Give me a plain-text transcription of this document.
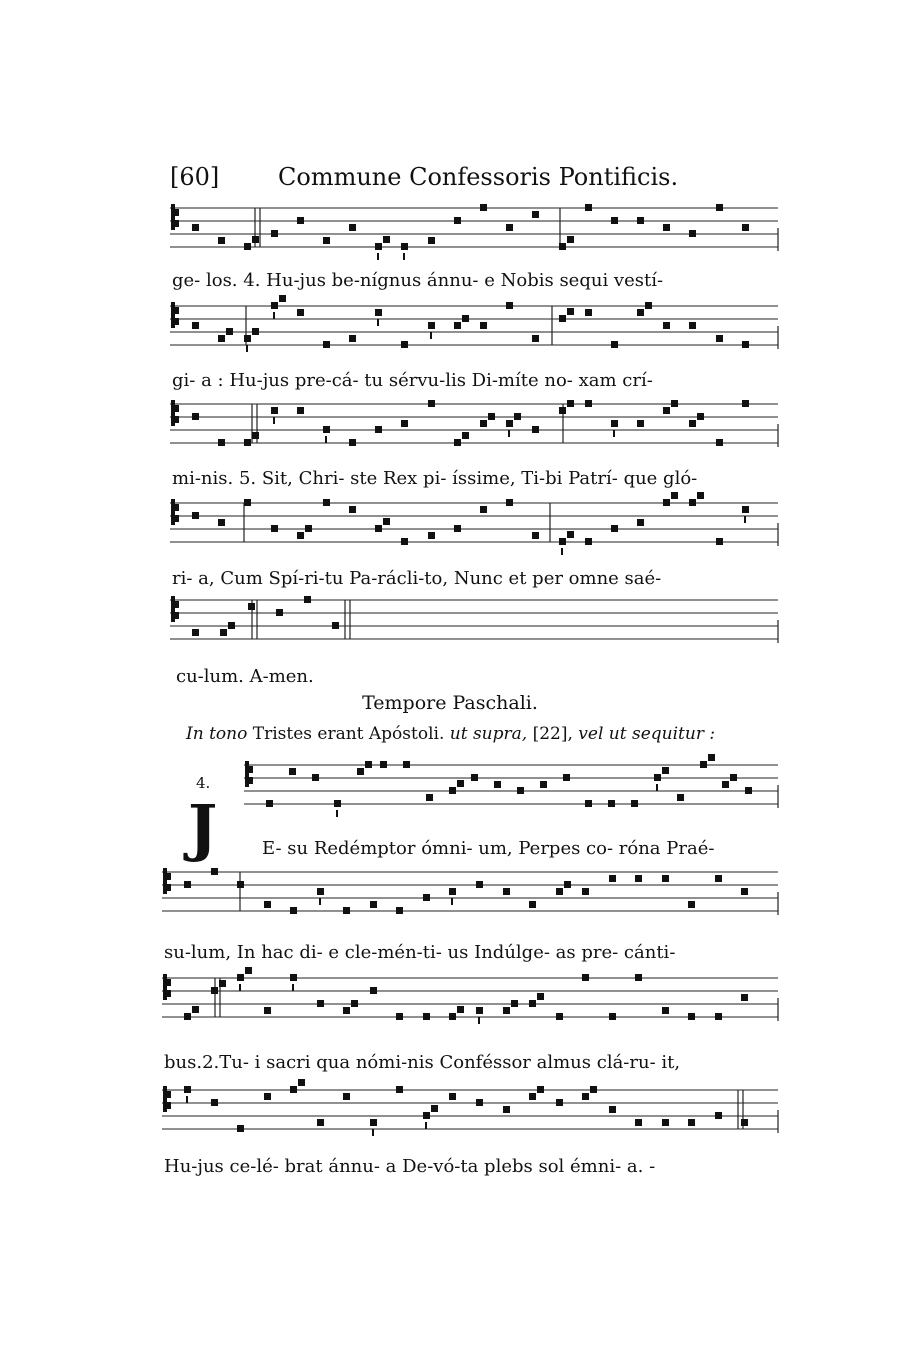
[60] Commune Confessoris Pontificis.
ge- los. 4. Hu-jus be-nígnus ánnu- e Nobis sequi vestí-
gi- a : Hu-jus pre-cá- tu sérvu-lis Di-míte no- xam crí-
mi-nis. 5. Sit, Chri- ste Rex pi- íssime, Ti-bi Patrí- que gló-
ri- a, Cum Spí-ri-tu Pa-rácli-to, Nunc et per omne saé-
cu-lum. A-men.
Tempore Paschali.
In tono Tristes erant Apóstoli. ut supra, [22], vel ut sequitur :
4.
J E- su Redémptor ómni- um, Perpes co- róna Praé-
su-lum, In hac di- e cle-mén-ti- us Indúlge- as pre- cánti-
bus.2.Tu- i sacri qua nómi-nis Conféssor almus clá-ru- it,
Hu-jus ce-lé- brat ánnu- a De-vó-ta plebs sol émni- a. -
